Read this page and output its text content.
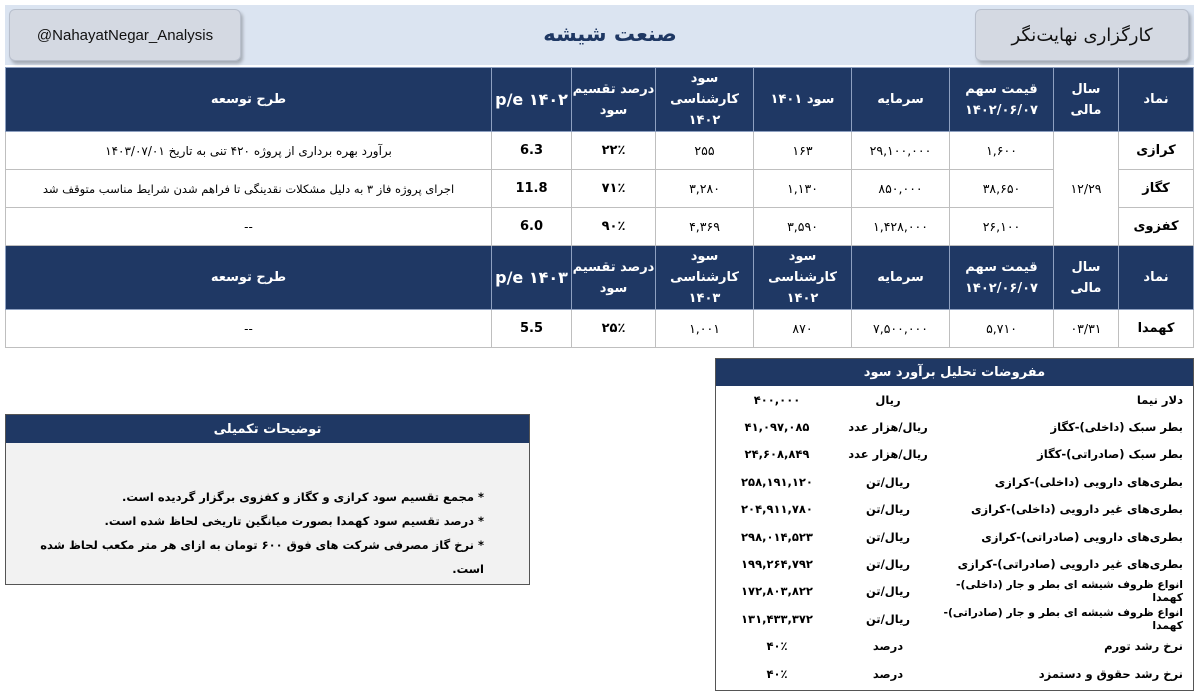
@NahayatNegar_Analysis	صنعت شیشه	کارگزاری نهایت‌نگر
نماد	سال مالی	قیمت سهم ۱۴۰۲/۰۶/۰۷	سرمایه	سود ۱۴۰۱	سود کارشناسی ۱۴۰۲	درصد تقسیم سود	p/e ۱۴۰۲	طرح توسعه
کرازی	۱۲/۲۹	۱,۶۰۰	۲۹,۱۰۰,۰۰۰	۱۶۳	۲۵۵	۲۲٪	6.3	برآورد بهره برداری از پروژه ۴۲۰ تنی به تاریخ ۱۴۰۳/۰۷/۰۱
کگاز		۳۸,۶۵۰	۸۵۰,۰۰۰	۱,۱۳۰	۳,۲۸۰	۷۱٪	11.8	اجرای پروژه فاز ۳ به دلیل مشکلات نقدینگی تا فراهم شدن شرایط مناسب متوقف شد
کفزوی		۲۶,۱۰۰	۱,۴۲۸,۰۰۰	۳,۵۹۰	۴,۳۶۹	۹۰٪	6.0	--
نماد	سال مالی	قیمت سهم ۱۴۰۲/۰۶/۰۷	سرمایه	سود کارشناسی ۱۴۰۲	سود کارشناسی ۱۴۰۳	درصد تقسیم سود	p/e ۱۴۰۳	طرح توسعه
کهمدا	۰۳/۳۱	۵,۷۱۰	۷,۵۰۰,۰۰۰	۸۷۰	۱,۰۰۱	۲۵٪	5.5	--
مفروضات تحلیل برآورد سود
دلار نیما	ریال	۴۰۰,۰۰۰
بطر سبک (داخلی)-کگاز	ریال/هزار عدد	۴۱,۰۹۷,۰۸۵
بطر سبک (صادراتی)-کگاز	ریال/هزار عدد	۲۴,۶۰۸,۸۴۹
بطری‌های دارویی (داخلی)-کرازی	ریال/تن	۲۵۸,۱۹۱,۱۲۰
بطری‌های غیر دارویی (داخلی)-کرازی	ریال/تن	۲۰۴,۹۱۱,۷۸۰
بطری‌های دارویی (صادراتی)-کرازی	ریال/تن	۲۹۸,۰۱۴,۵۲۳
بطری‌های غیر دارویی (صادراتی)-کرازی	ریال/تن	۱۹۹,۲۶۴,۷۹۲
انواع ظروف شیشه ای بطر و جار (داخلی)-کهمدا	ریال/تن	۱۷۲,۸۰۳,۸۲۲
انواع ظروف شیشه ای بطر و جار (صادراتی)-کهمدا	ریال/تن	۱۳۱,۴۳۳,۳۷۲
نرخ رشد تورم	درصد	۴۰٪
نرخ رشد حقوق و دستمزد	درصد	۴۰٪
توضیحات تکمیلی
* مجمع تقسیم سود کرازی و کگاز و کفزوی برگزار گردیده است.
* درصد تقسیم سود کهمدا بصورت میانگین تاریخی لحاظ شده است.
* نرخ گاز مصرفی شرکت های فوق ۶۰۰ تومان به ازای هر متر مکعب لحاظ شده است.
